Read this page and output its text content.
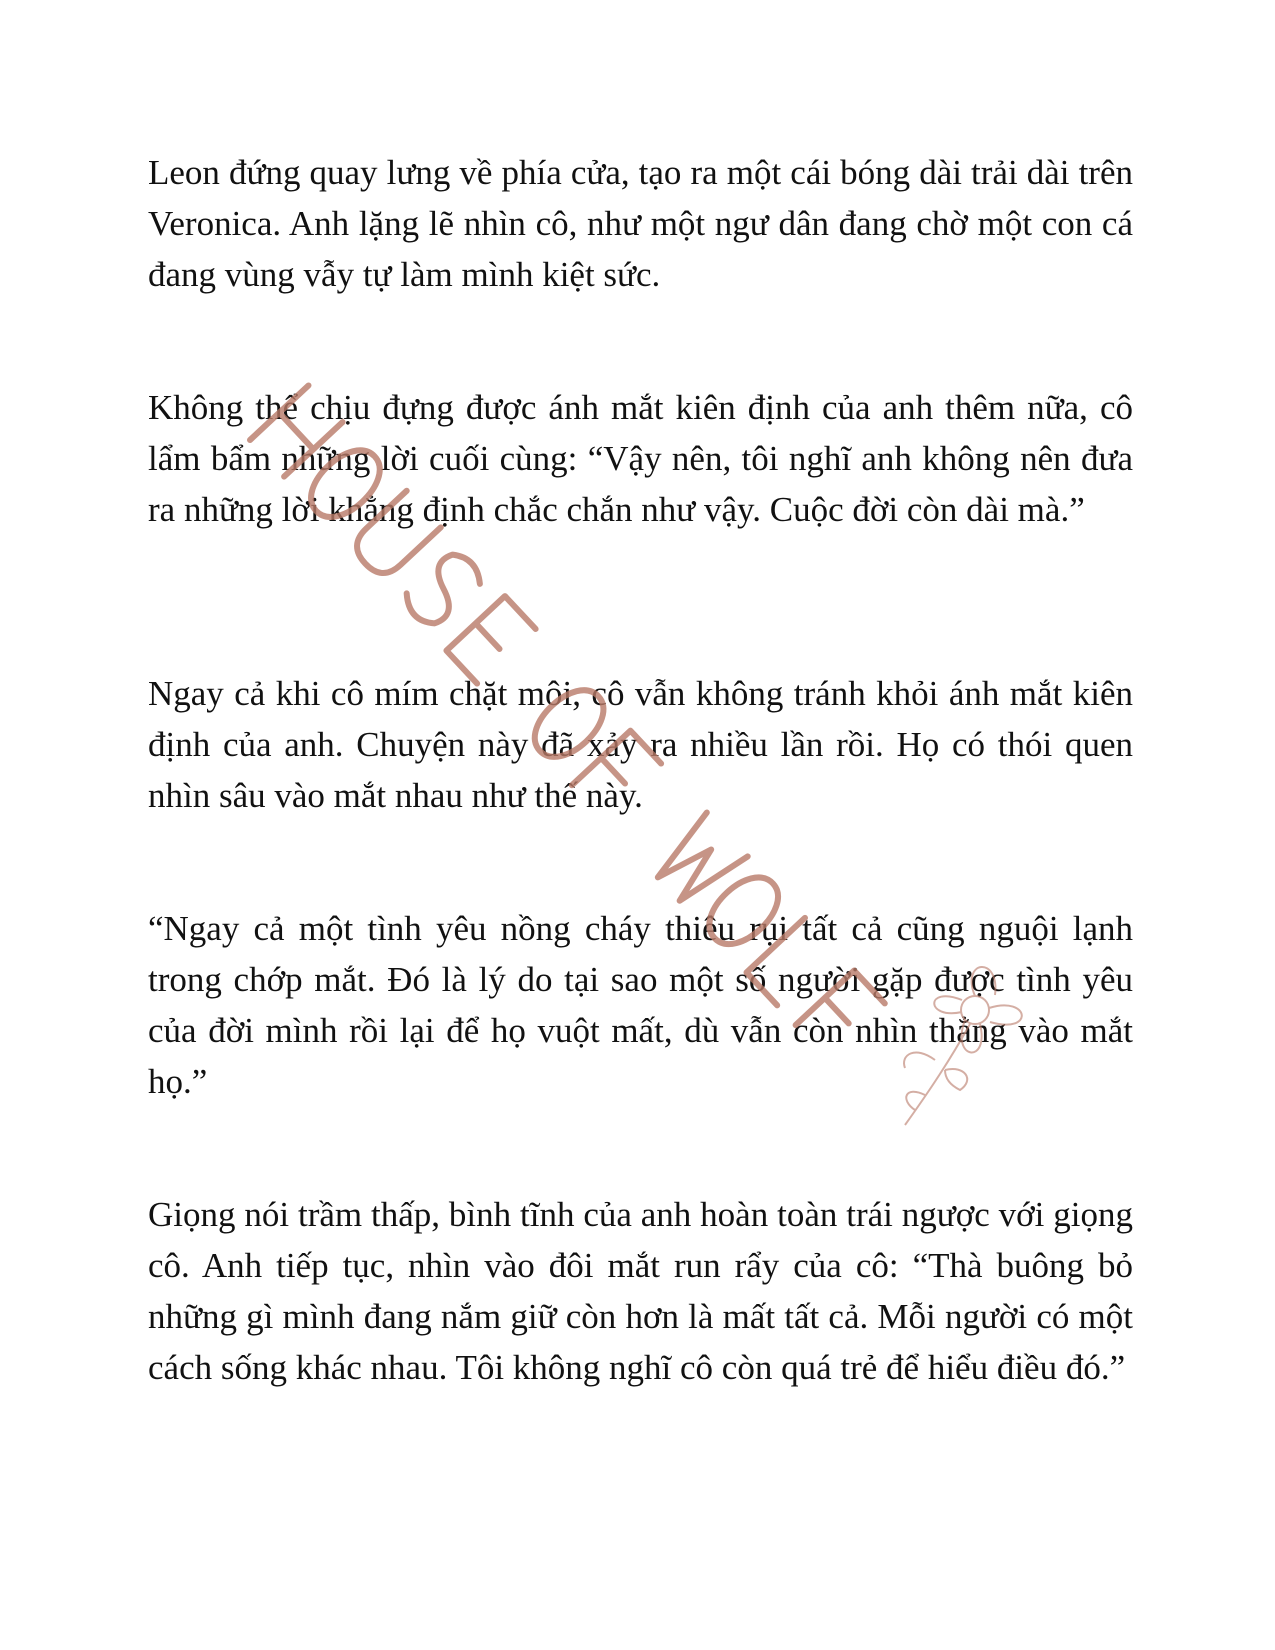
Leon đứng quay lưng về phía cửa, tạo ra một cái bóng dài trải dài trên Veronica. Anh lặng lẽ nhìn cô, như một ngư dân đang chờ một con cá đang vùng vẫy tự làm mình kiệt sức.

Không thể chịu đựng được ánh mắt kiên định của anh thêm nữa, cô lẩm bẩm những lời cuối cùng: “Vậy nên, tôi nghĩ anh không nên đưa ra những lời khẳng định chắc chắn như vậy. Cuộc đời còn dài mà.”

Ngay cả khi cô mím chặt môi, cô vẫn không tránh khỏi ánh mắt kiên định của anh. Chuyện này đã xảy ra nhiều lần rồi. Họ có thói quen nhìn sâu vào mắt nhau như thế này.

“Ngay cả một tình yêu nồng cháy thiêu rụi tất cả cũng nguội lạnh trong chớp mắt. Đó là lý do tại sao một số người gặp được tình yêu của đời mình rồi lại để họ vuột mất, dù vẫn còn nhìn thẳng vào mắt họ.”

Giọng nói trầm thấp, bình tĩnh của anh hoàn toàn trái ngược với giọng cô. Anh tiếp tục, nhìn vào đôi mắt run rẩy của cô: “Thà buông bỏ những gì mình đang nắm giữ còn hơn là mất tất cả. Mỗi người có một cách sống khác nhau. Tôi không nghĩ cô còn quá trẻ để hiểu điều đó.”
